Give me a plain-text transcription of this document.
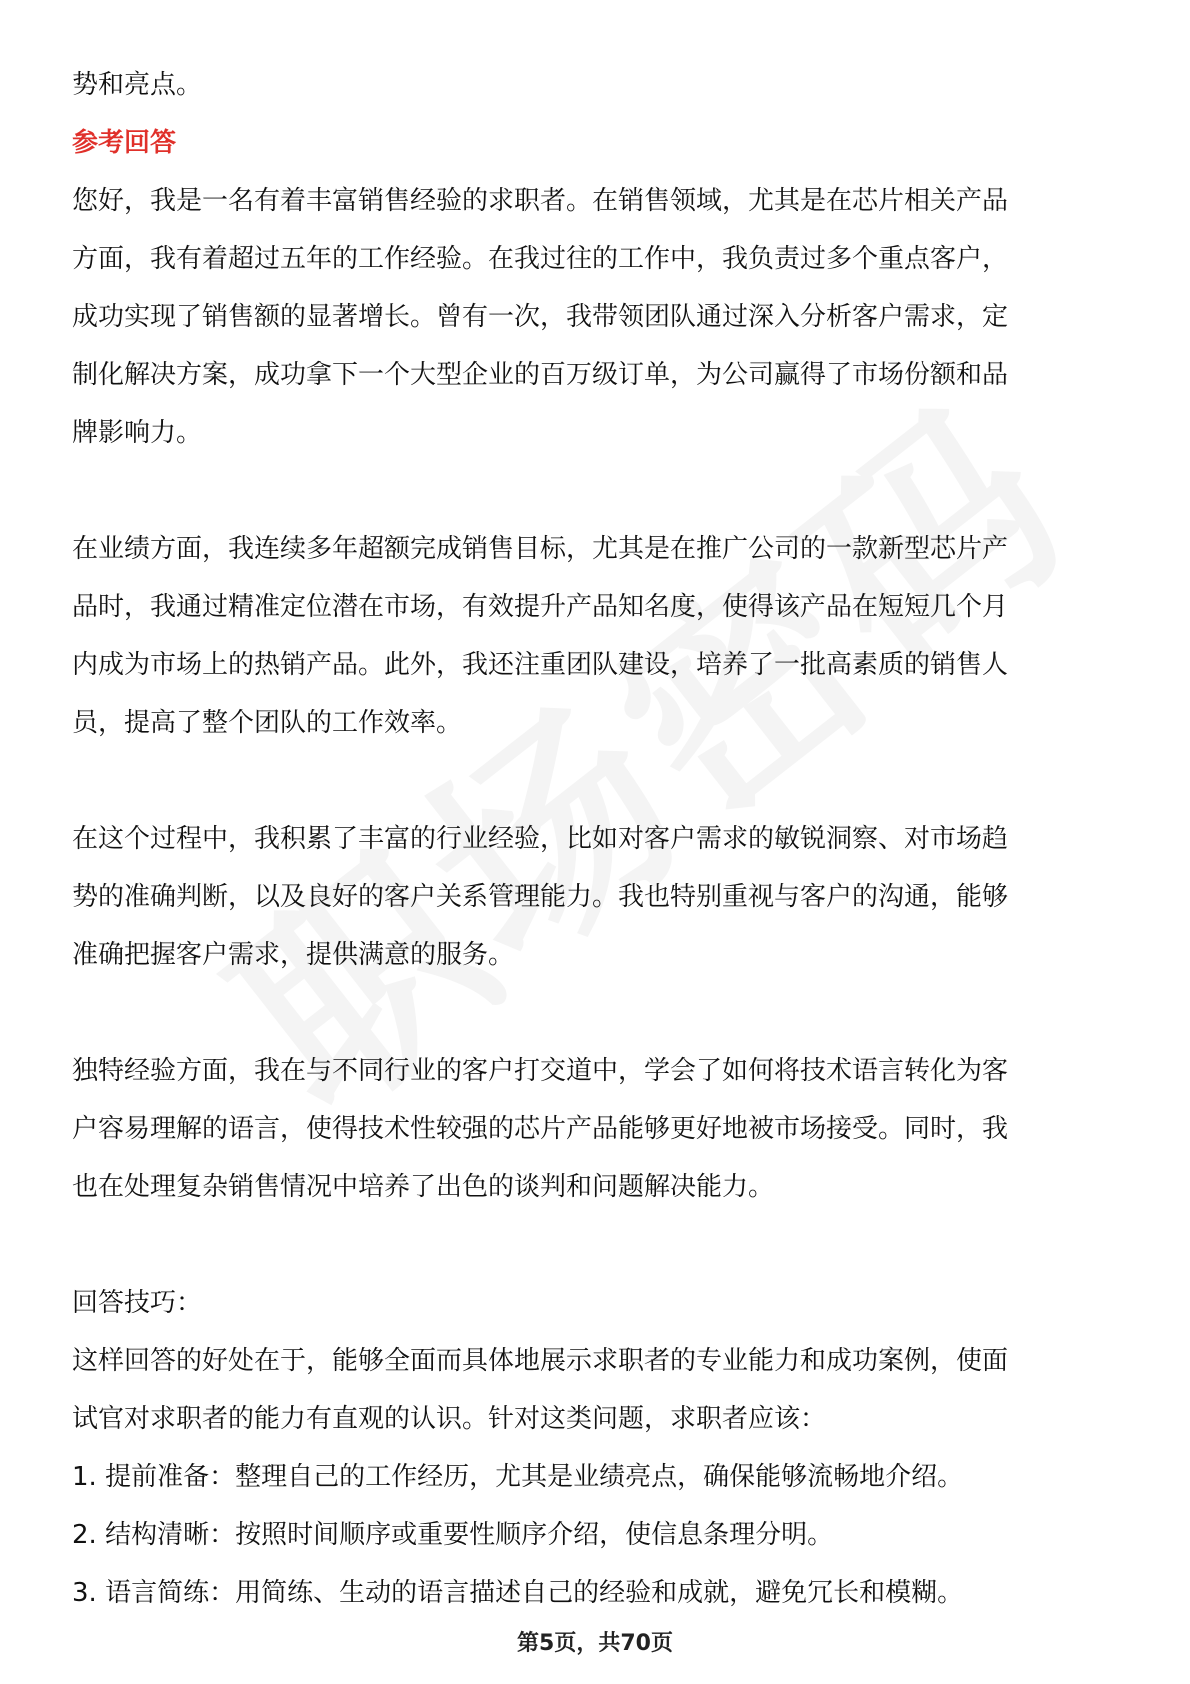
势和亮点。
参考回答
您好，我是一名有着丰富销售经验的求职者。在销售领域，尤其是在芯片相关产品
方面，我有着超过五年的工作经验。在我过往的工作中，我负责过多个重点客户，
成功实现了销售额的显著增长。曾有一次，我带领团队通过深入分析客户需求，定
制化解决方案，成功拿下一个大型企业的百万级订单，为公司赢得了市场份额和品
牌影响力。
在业绩方面，我连续多年超额完成销售目标，尤其是在推广公司的一款新型芯片产
品时，我通过精准定位潜在市场，有效提升产品知名度，使得该产品在短短几个月
内成为市场上的热销产品。此外，我还注重团队建设，培养了一批高素质的销售人
员，提高了整个团队的工作效率。
在这个过程中，我积累了丰富的行业经验，比如对客户需求的敏锐洞察、对市场趋
势的准确判断，以及良好的客户关系管理能力。我也特别重视与客户的沟通，能够
准确把握客户需求，提供满意的服务。
独特经验方面，我在与不同行业的客户打交道中，学会了如何将技术语言转化为客
户容易理解的语言，使得技术性较强的芯片产品能够更好地被市场接受。同时，我
也在处理复杂销售情况中培养了出色的谈判和问题解决能力。
回答技巧：
这样回答的好处在于，能够全面而具体地展示求职者的专业能力和成功案例，使面
试官对求职者的能力有直观的认识。针对这类问题，求职者应该：
1. 提前准备：整理自己的工作经历，尤其是业绩亮点，确保能够流畅地介绍。
2. 结构清晰：按照时间顺序或重要性顺序介绍，使信息条理分明。
3. 语言简练：用简练、生动的语言描述自己的经验和成就，避免冗长和模糊。
第5页，共70页
